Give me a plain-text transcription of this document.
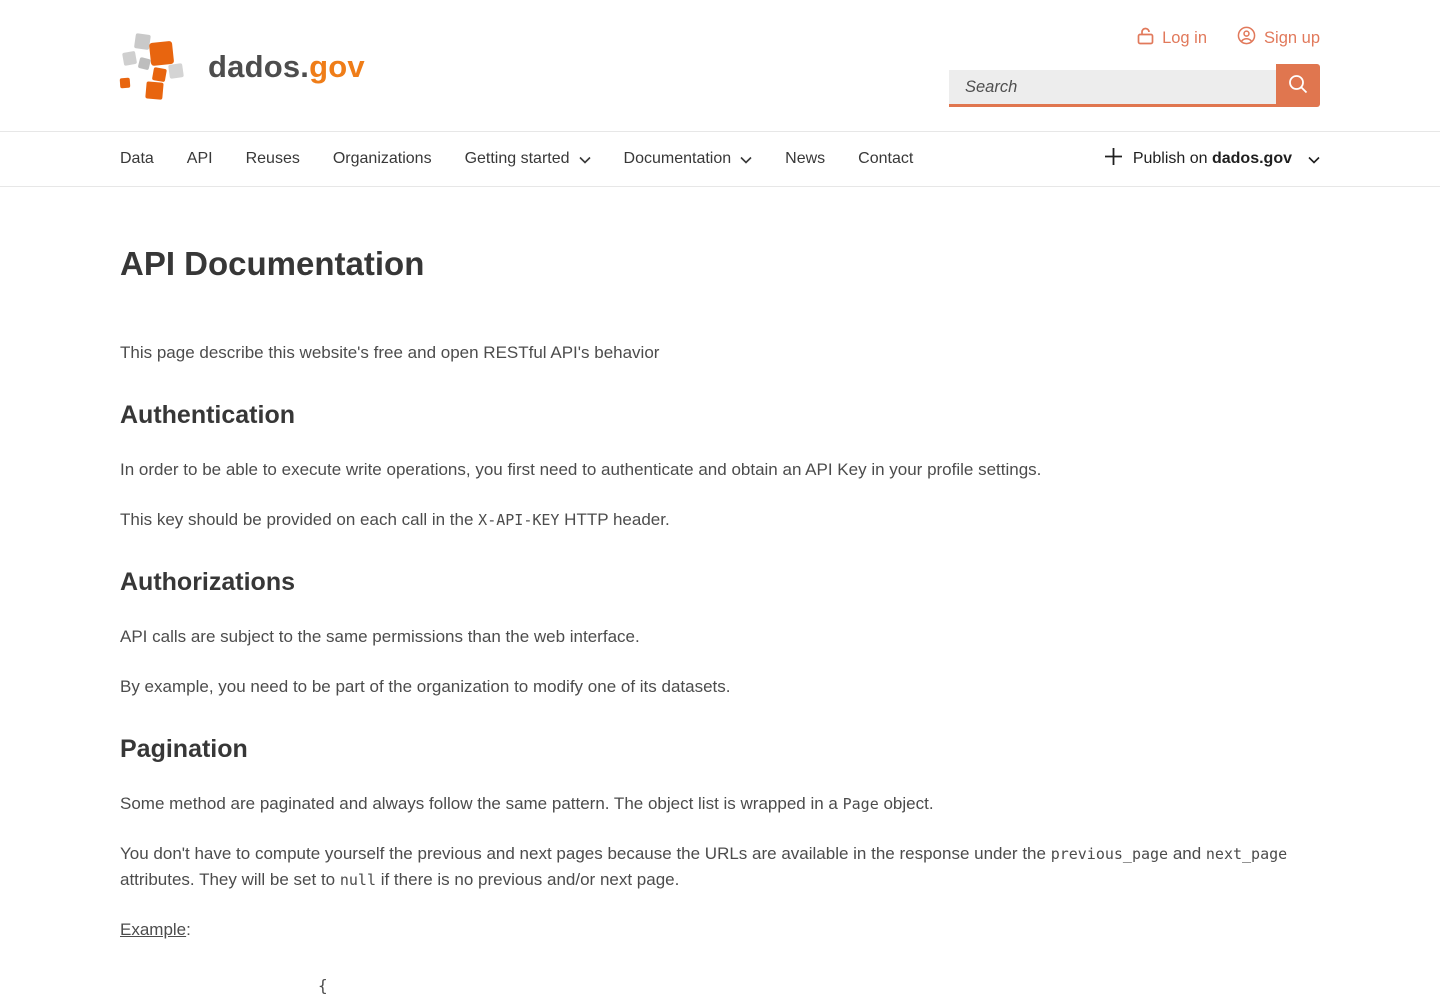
dados.gov
Log in	Sign up
Search
Data API Reuses Organizations Getting started	Documentation	News Contact	Publish on dados.gov
API Documentation

This page describe this website's free and open RESTful API's behavior

Authentication

In order to be able to execute write operations, you first need to authenticate and obtain an API Key in your profile settings.

This key should be provided on each call in the X-API-KEY HTTP header.

Authorizations

API calls are subject to the same permissions than the web interface.

By example, you need to be part of the organization to modify one of its datasets.

Pagination

Some method are paginated and always follow the same pattern. The object list is wrapped in a Page object.

You don't have to compute yourself the previous and next pages because the URLs are available in the response under the previous_page and next_page attributes. They will be set to null if there is no previous and/or next page.

Example:

{
